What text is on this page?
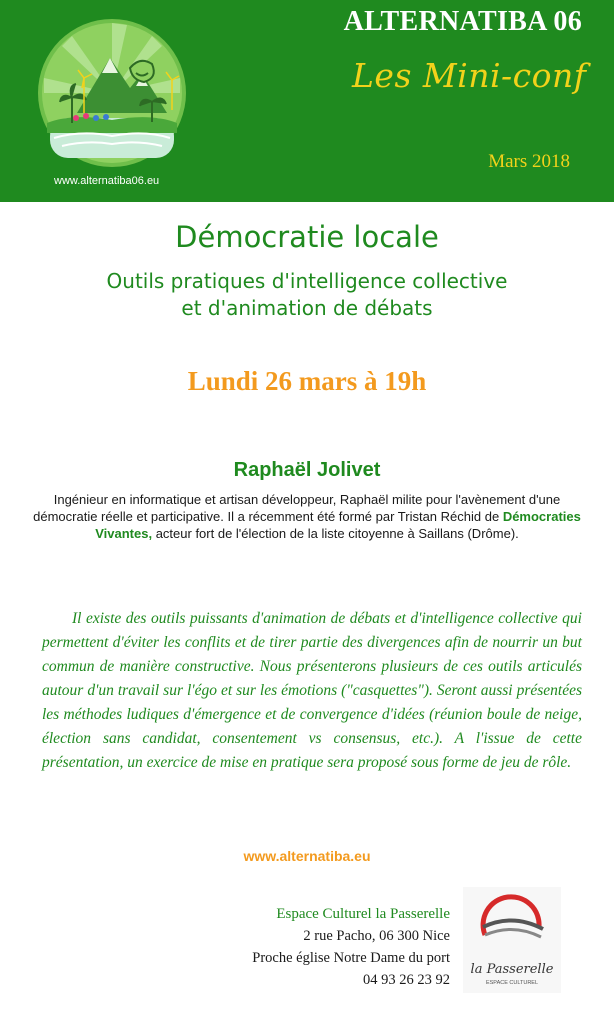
www.alternatiba06.eu
ALTERNATIBA 06
Les Mini-conf
Mars 2018
Démocratie locale
Outils pratiques d'intelligence collective
et d'animation de débats
Lundi 26 mars à 19h
Raphaël Jolivet
Ingénieur en informatique et artisan développeur, Raphaël milite pour l'avènement d'une démocratie réelle et participative. Il a récemment été formé par Tristan Réchid de Démocraties Vivantes, acteur fort de l'élection de la liste citoyenne à Saillans (Drôme).
Il existe des outils puissants d'animation de débats et d'intelligence collective qui permettent d'éviter les conflits et de tirer partie des divergences afin de nourrir un but commun de manière constructive. Nous présenterons plusieurs de ces outils articulés autour d'un travail sur l'égo et sur les émotions ("casquettes"). Seront aussi présentées les méthodes ludiques d'émergence et de convergence d'idées (réunion boule de neige, élection sans candidat, consentement vs consensus, etc.). A l'issue de cette présentation, un exercice de mise en pratique sera proposé sous forme de jeu de rôle.
www.alternatiba.eu
Espace Culturel la Passerelle
2 rue Pacho, 06 300 Nice
Proche église Notre Dame du port
04 93 26 23 92
la Passerelle
ESPACE CULTUREL
